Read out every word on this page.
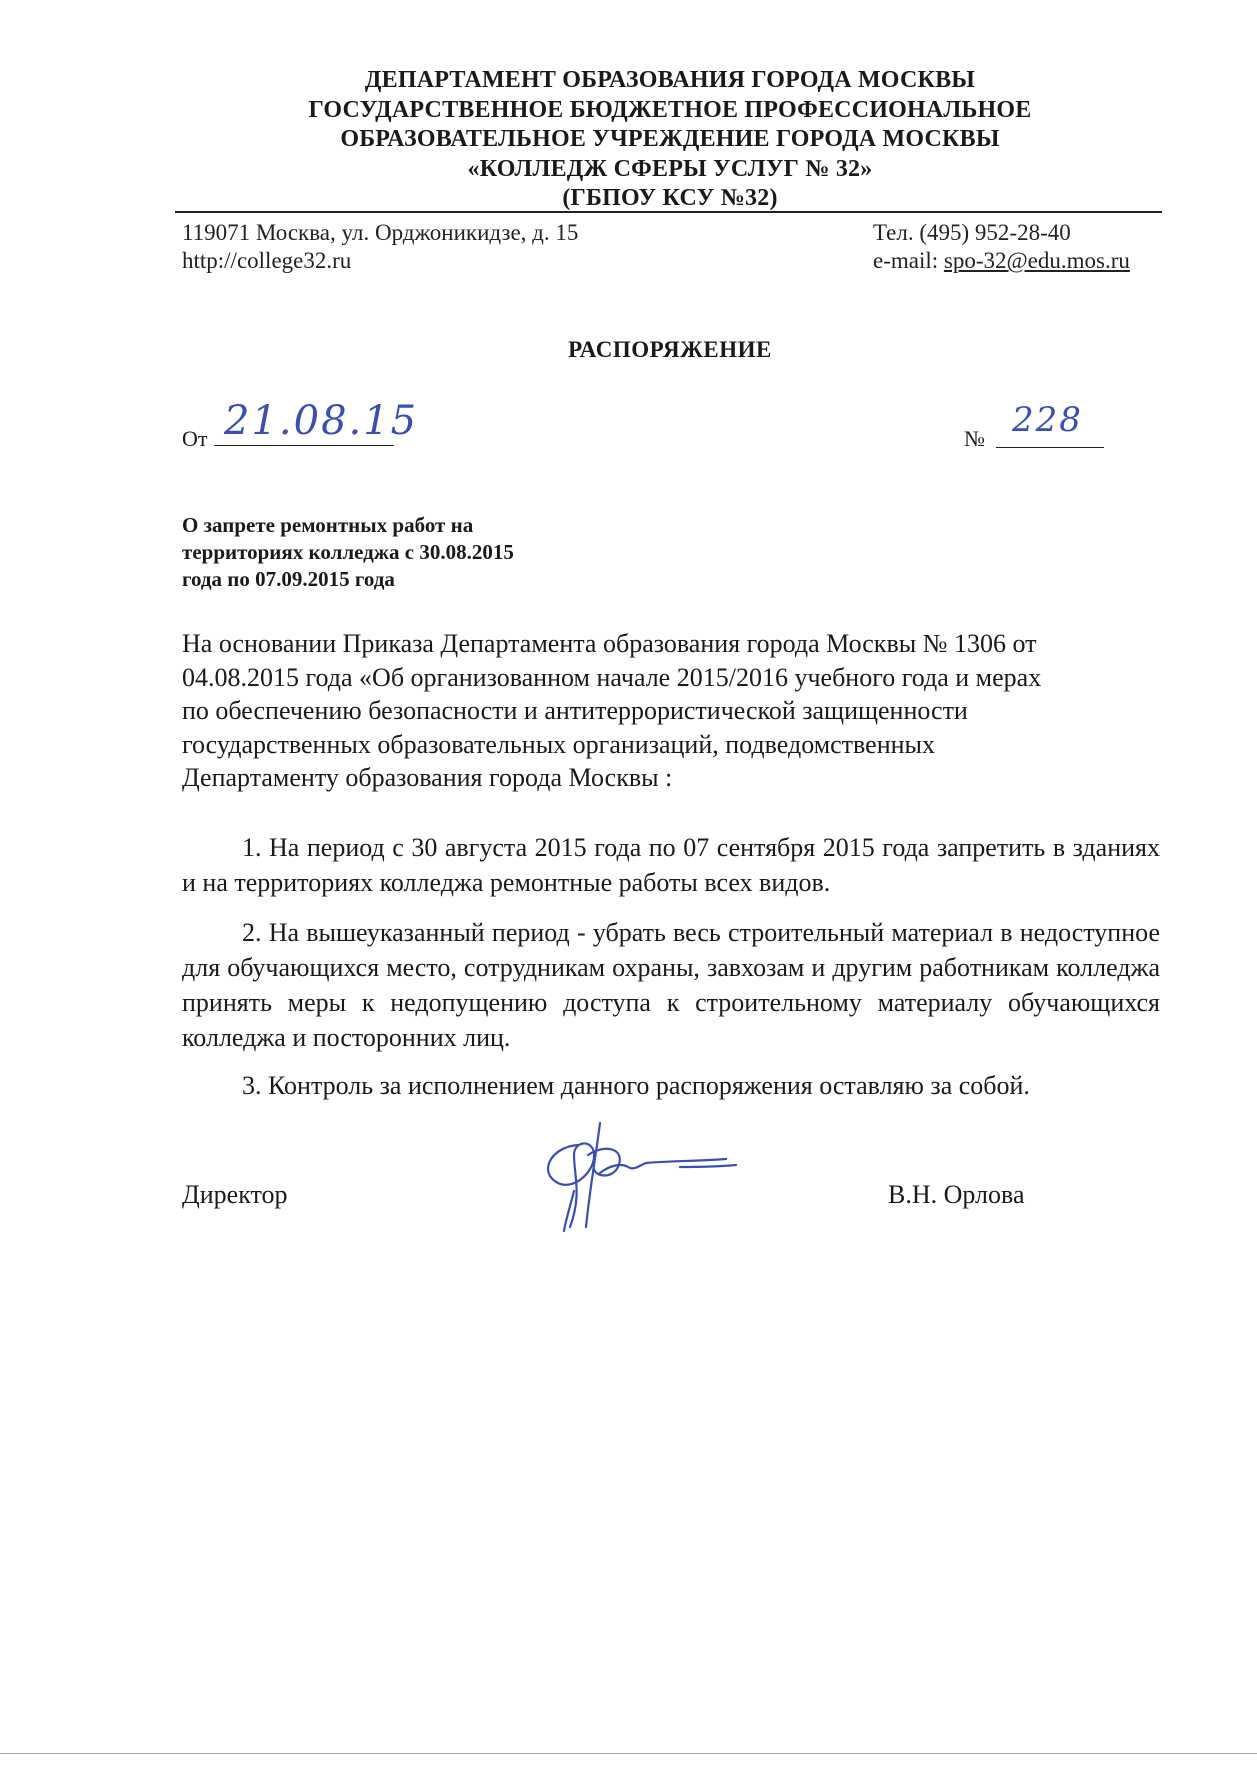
ДЕПАРТАМЕНТ ОБРАЗОВАНИЯ ГОРОДА МОСКВЫ
ГОСУДАРСТВЕННОЕ БЮДЖЕТНОЕ ПРОФЕССИОНАЛЬНОЕ
ОБРАЗОВАТЕЛЬНОЕ УЧРЕЖДЕНИЕ ГОРОДА МОСКВЫ
«КОЛЛЕДЖ СФЕРЫ УСЛУГ № 32»
(ГБПОУ КСУ №32)
119071 Москва, ул. Орджоникидзе, д. 15
http://college32.ru
Тел. (495) 952-28-40
e-mail: spo-32@edu.mos.ru
РАСПОРЯЖЕНИЕ
От 21.08.15	№ 228
О запрете ремонтных работ на
территориях колледжа с 30.08.2015
года по 07.09.2015 года
На основании Приказа Департамента образования города Москвы № 1306 от
04.08.2015 года «Об организованном начале 2015/2016 учебного года и мерах
по обеспечению безопасности и антитеррористической защищенности
государственных образовательных организаций, подведомственных
Департаменту образования города Москвы :
1. На период с 30 августа 2015 года по 07 сентября 2015 года запретить в зданиях и на территориях колледжа ремонтные работы всех видов.
2. На вышеуказанный период - убрать весь строительный материал в недоступное для обучающихся место, сотрудникам охраны, завхозам и другим работникам колледжа принять меры к недопущению доступа к строительному материалу обучающихся колледжа и посторонних лиц.
3. Контроль за исполнением данного распоряжения оставляю за собой.
Директор	В.Н. Орлова
